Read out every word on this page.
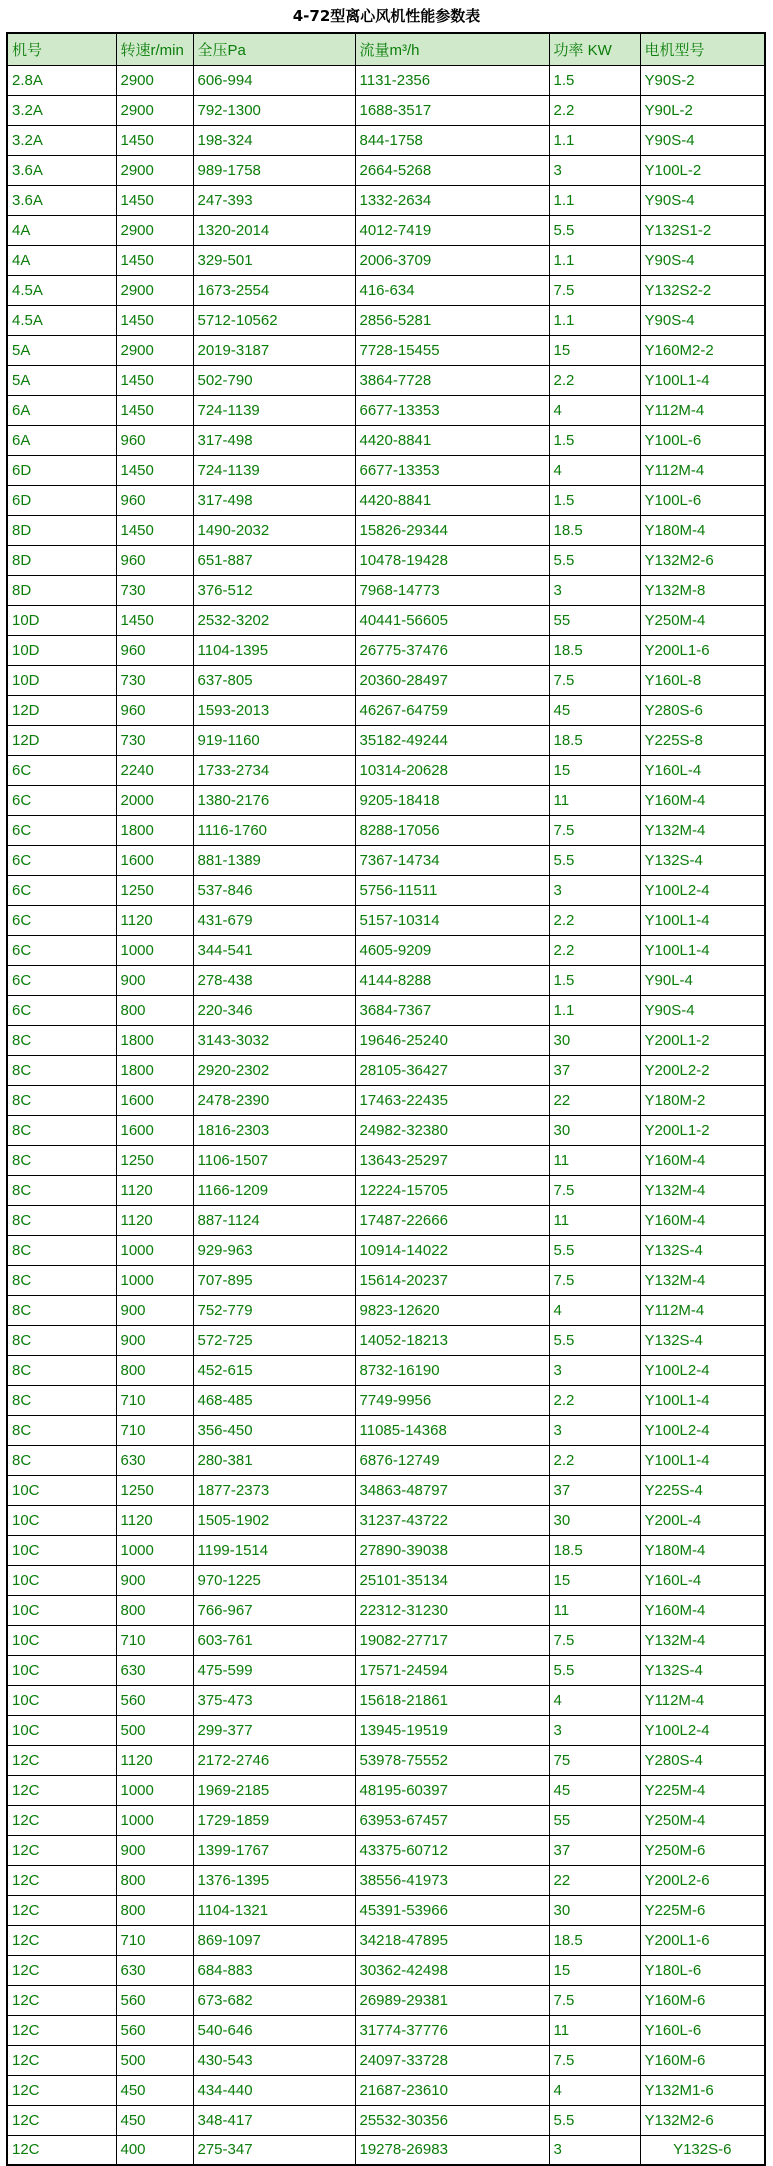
4-72型离心风机性能参数表
机号	转速r/min	全压Pa	流量m³/h	功率 KW	电机型号
2.8A	2900	606-994	1131-2356	1.5	Y90S-2
3.2A	2900	792-1300	1688-3517	2.2	Y90L-2
3.2A	1450	198-324	844-1758	1.1	Y90S-4
3.6A	2900	989-1758	2664-5268	3	Y100L-2
3.6A	1450	247-393	1332-2634	1.1	Y90S-4
4A	2900	1320-2014	4012-7419	5.5	Y132S1-2
4A	1450	329-501	2006-3709	1.1	Y90S-4
4.5A	2900	1673-2554	416-634	7.5	Y132S2-2
4.5A	1450	5712-10562	2856-5281	1.1	Y90S-4
5A	2900	2019-3187	7728-15455	15	Y160M2-2
5A	1450	502-790	3864-7728	2.2	Y100L1-4
6A	1450	724-1139	6677-13353	4	Y112M-4
6A	960	317-498	4420-8841	1.5	Y100L-6
6D	1450	724-1139	6677-13353	4	Y112M-4
6D	960	317-498	4420-8841	1.5	Y100L-6
8D	1450	1490-2032	15826-29344	18.5	Y180M-4
8D	960	651-887	10478-19428	5.5	Y132M2-6
8D	730	376-512	7968-14773	3	Y132M-8
10D	1450	2532-3202	40441-56605	55	Y250M-4
10D	960	1104-1395	26775-37476	18.5	Y200L1-6
10D	730	637-805	20360-28497	7.5	Y160L-8
12D	960	1593-2013	46267-64759	45	Y280S-6
12D	730	919-1160	35182-49244	18.5	Y225S-8
6C	2240	1733-2734	10314-20628	15	Y160L-4
6C	2000	1380-2176	9205-18418	11	Y160M-4
6C	1800	1116-1760	8288-17056	7.5	Y132M-4
6C	1600	881-1389	7367-14734	5.5	Y132S-4
6C	1250	537-846	5756-11511	3	Y100L2-4
6C	1120	431-679	5157-10314	2.2	Y100L1-4
6C	1000	344-541	4605-9209	2.2	Y100L1-4
6C	900	278-438	4144-8288	1.5	Y90L-4
6C	800	220-346	3684-7367	1.1	Y90S-4
8C	1800	3143-3032	19646-25240	30	Y200L1-2
8C	1800	2920-2302	28105-36427	37	Y200L2-2
8C	1600	2478-2390	17463-22435	22	Y180M-2
8C	1600	1816-2303	24982-32380	30	Y200L1-2
8C	1250	1106-1507	13643-25297	11	Y160M-4
8C	1120	1166-1209	12224-15705	7.5	Y132M-4
8C	1120	887-1124	17487-22666	11	Y160M-4
8C	1000	929-963	10914-14022	5.5	Y132S-4
8C	1000	707-895	15614-20237	7.5	Y132M-4
8C	900	752-779	9823-12620	4	Y112M-4
8C	900	572-725	14052-18213	5.5	Y132S-4
8C	800	452-615	8732-16190	3	Y100L2-4
8C	710	468-485	7749-9956	2.2	Y100L1-4
8C	710	356-450	11085-14368	3	Y100L2-4
8C	630	280-381	6876-12749	2.2	Y100L1-4
10C	1250	1877-2373	34863-48797	37	Y225S-4
10C	1120	1505-1902	31237-43722	30	Y200L-4
10C	1000	1199-1514	27890-39038	18.5	Y180M-4
10C	900	970-1225	25101-35134	15	Y160L-4
10C	800	766-967	22312-31230	11	Y160M-4
10C	710	603-761	19082-27717	7.5	Y132M-4
10C	630	475-599	17571-24594	5.5	Y132S-4
10C	560	375-473	15618-21861	4	Y112M-4
10C	500	299-377	13945-19519	3	Y100L2-4
12C	1120	2172-2746	53978-75552	75	Y280S-4
12C	1000	1969-2185	48195-60397	45	Y225M-4
12C	1000	1729-1859	63953-67457	55	Y250M-4
12C	900	1399-1767	43375-60712	37	Y250M-6
12C	800	1376-1395	38556-41973	22	Y200L2-6
12C	800	1104-1321	45391-53966	30	Y225M-6
12C	710	869-1097	34218-47895	18.5	Y200L1-6
12C	630	684-883	30362-42498	15	Y180L-6
12C	560	673-682	26989-29381	7.5	Y160M-6
12C	560	540-646	31774-37776	11	Y160L-6
12C	500	430-543	24097-33728	7.5	Y160M-6
12C	450	434-440	21687-23610	4	Y132M1-6
12C	450	348-417	25532-30356	5.5	Y132M2-6
12C	400	275-347	19278-26983	3	Y132S-6
